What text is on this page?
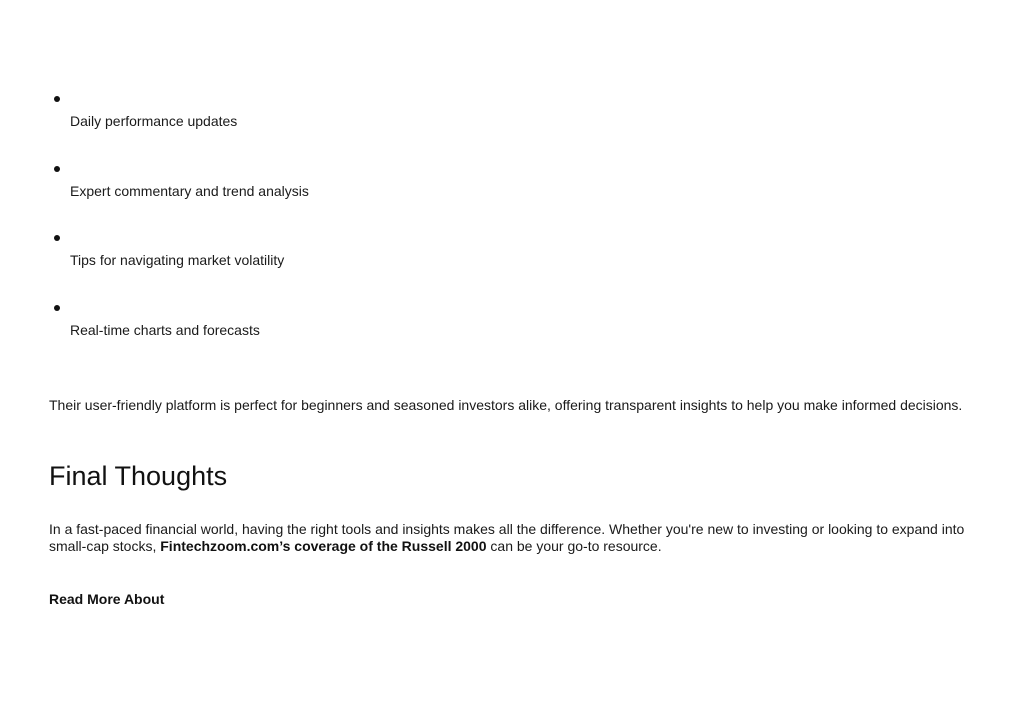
Daily performance updates
Expert commentary and trend analysis
Tips for navigating market volatility
Real-time charts and forecasts

Their user-friendly platform is perfect for beginners and seasoned investors alike, offering transparent insights to help you make informed decisions.

Final Thoughts

In a fast-paced financial world, having the right tools and insights makes all the difference. Whether you're new to investing or looking to expand into small-cap stocks, Fintechzoom.com’s coverage of the Russell 2000 can be your go-to resource.

Read More About
